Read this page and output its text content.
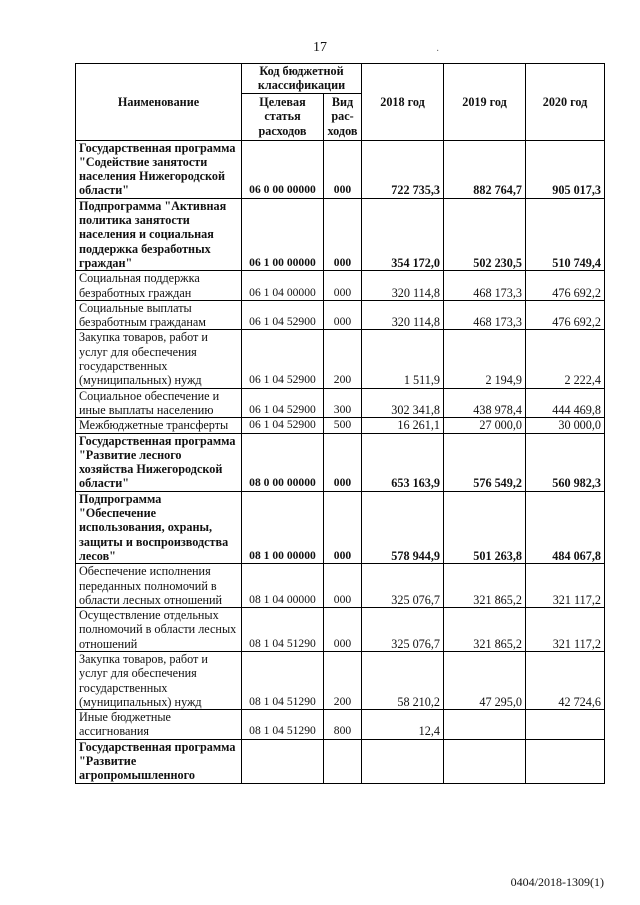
17	·
Наименование	Код бюджетной классификации		2018 год	2019 год	2020 год
	Целевая статья расходов	Вид рас- ходов			
Государственная программа "Содействие занятости населения Нижегородской области"	06 0 00 00000	000	722 735,3	882 764,7	905 017,3
Подпрограмма "Активная политика занятости населения и социальная поддержка безработных граждан"	06 1 00 00000	000	354 172,0	502 230,5	510 749,4
Социальная поддержка безработных граждан	06 1 04 00000	000	320 114,8	468 173,3	476 692,2
Социальные выплаты безработным гражданам	06 1 04 52900	000	320 114,8	468 173,3	476 692,2
Закупка товаров, работ и услуг для обеспечения государственных (муниципальных) нужд	06 1 04 52900	200	1 511,9	2 194,9	2 222,4
Социальное обеспечение и иные выплаты населению	06 1 04 52900	300	302 341,8	438 978,4	444 469,8
Межбюджетные трансферты	06 1 04 52900	500	16 261,1	27 000,0	30 000,0
Государственная программа "Развитие лесного хозяйства Нижегородской области"	08 0 00 00000	000	653 163,9	576 549,2	560 982,3
Подпрограмма "Обеспечение использования, охраны, защиты и воспроизводства лесов"	08 1 00 00000	000	578 944,9	501 263,8	484 067,8
Обеспечение исполнения переданных полномочий в области лесных отношений	08 1 04 00000	000	325 076,7	321 865,2	321 117,2
Осуществление отдельных полномочий в области лесных отношений	08 1 04 51290	000	325 076,7	321 865,2	321 117,2
Закупка товаров, работ и услуг для обеспечения государственных (муниципальных) нужд	08 1 04 51290	200	58 210,2	47 295,0	42 724,6
Иные бюджетные ассигнования	08 1 04 51290	800	12,4		
Государственная программа "Развитие агропромышленного					
0404/2018-1309(1)
